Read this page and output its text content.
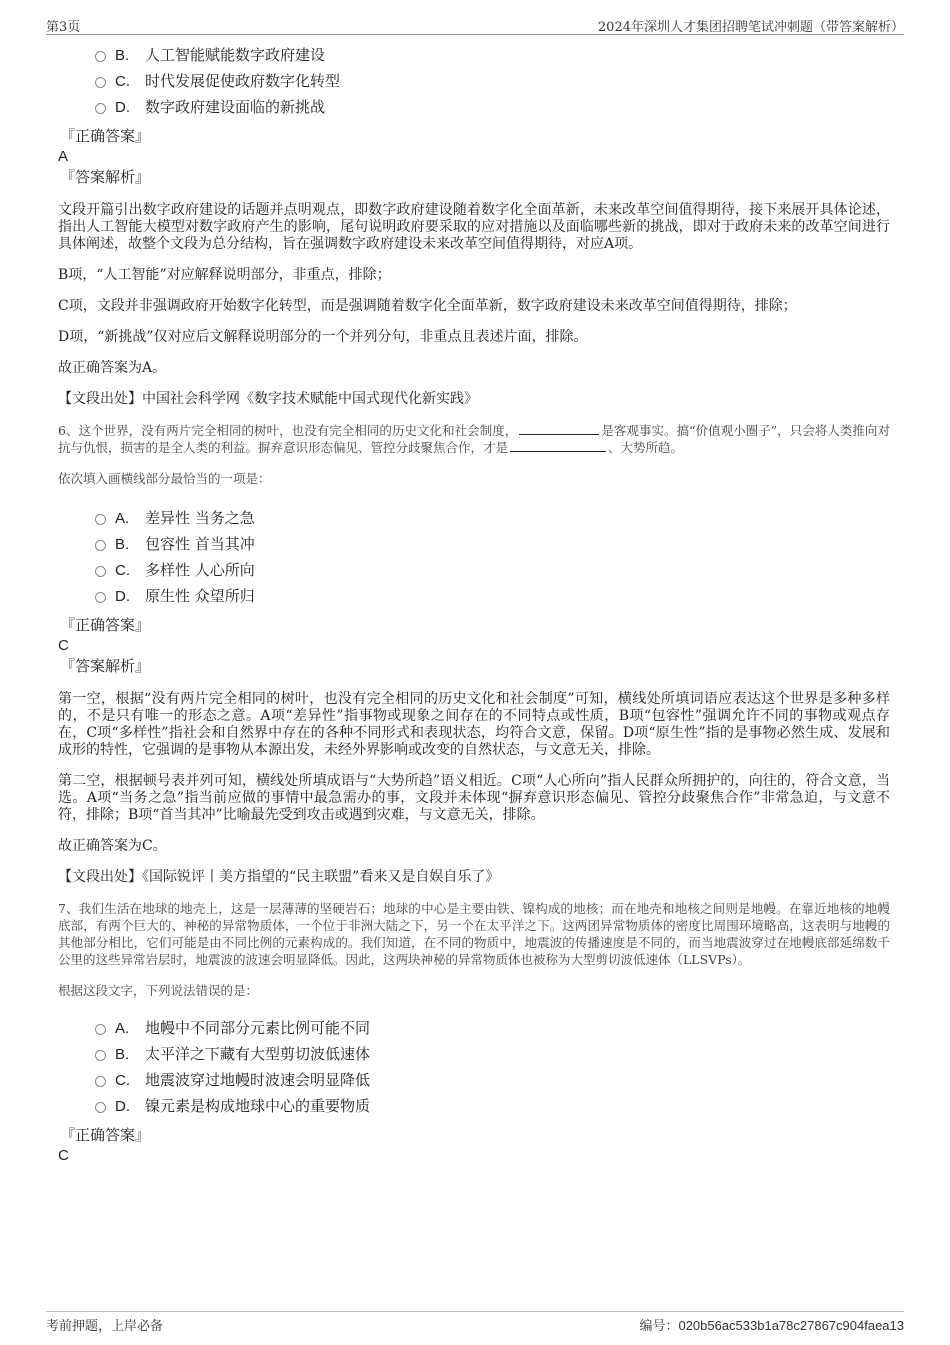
第3页	2024年深圳人才集团招聘笔试冲刺题（带答案解析）
B. 人工智能赋能数字政府建设
C. 时代发展促使政府数字化转型
D. 数字政府建设面临的新挑战
『正确答案』
A
『答案解析』

文段开篇引出数字政府建设的话题并点明观点，即数字政府建设随着数字化全面革新，未来改革空间值得期待，接下来展开具体论述，指出人工智能大模型对数字政府产生的影响，尾句说明政府要采取的应对措施以及面临哪些新的挑战，即对于政府未来的改革空间进行具体阐述，故整个文段为总分结构，旨在强调数字政府建设未来改革空间值得期待，对应A项。

B项，“人工智能”对应解释说明部分，非重点，排除；

C项，文段并非强调政府开始数字化转型，而是强调随着数字化全面革新，数字政府建设未来改革空间值得期待，排除；

D项，“新挑战”仅对应后文解释说明部分的一个并列分句，非重点且表述片面，排除。

故正确答案为A。

【文段出处】中国社会科学网《数字技术赋能中国式现代化新实践》

6、这个世界，没有两片完全相同的树叶，也没有完全相同的历史文化和社会制度，	是客观事实。搞“价值观小圈子”，只会将人类推向对抗与仇恨，损害的是全人类的利益。摒弃意识形态偏见、管控分歧聚焦合作，才是	、大势所趋。

依次填入画横线部分最恰当的一项是：

A. 差异性 当务之急
B. 包容性 首当其冲
C. 多样性 人心所向
D. 原生性 众望所归
『正确答案』
C
『答案解析』

第一空，根据“没有两片完全相同的树叶，也没有完全相同的历史文化和社会制度”可知，横线处所填词语应表达这个世界是多种多样的，不是只有唯一的形态之意。A项“差异性”指事物或现象之间存在的不同特点或性质，B项“包容性”强调允许不同的事物或观点存在，C项“多样性”指社会和自然界中存在的各种不同形式和表现状态，均符合文意，保留。D项“原生性”指的是事物必然生成、发展和成形的特性，它强调的是事物从本源出发，未经外界影响或改变的自然状态，与文意无关，排除。

第二空，根据顿号表并列可知，横线处所填成语与“大势所趋”语义相近。C项“人心所向”指人民群众所拥护的，向往的，符合文意，当选。A项“当务之急”指当前应做的事情中最急需办的事，文段并未体现“摒弃意识形态偏见、管控分歧聚焦合作”非常急迫，与文意不符，排除；B项“首当其冲”比喻最先受到攻击或遇到灾难，与文意无关，排除。

故正确答案为C。

【文段出处】《国际锐评丨美方指望的“民主联盟”看来又是自娱自乐了》

7、我们生活在地球的地壳上，这是一层薄薄的坚硬岩石；地球的中心是主要由铁、镍构成的地核；而在地壳和地核之间则是地幔。在靠近地核的地幔底部，有两个巨大的、神秘的异常物质体，一个位于非洲大陆之下，另一个在太平洋之下。这两团异常物质体的密度比周围环境略高，这表明与地幔的其他部分相比，它们可能是由不同比例的元素构成的。我们知道，在不同的物质中，地震波的传播速度是不同的，而当地震波穿过在地幔底部延绵数千公里的这些异常岩层时，地震波的波速会明显降低。因此，这两块神秘的异常物质体也被称为大型剪切波低速体（LLSVPs）。

根据这段文字，下列说法错误的是：

A. 地幔中不同部分元素比例可能不同
B. 太平洋之下藏有大型剪切波低速体
C. 地震波穿过地幔时波速会明显降低
D. 镍元素是构成地球中心的重要物质
『正确答案』
C
考前押题，上岸必备	编号：020b56ac533b1a78c27867c904faea13
